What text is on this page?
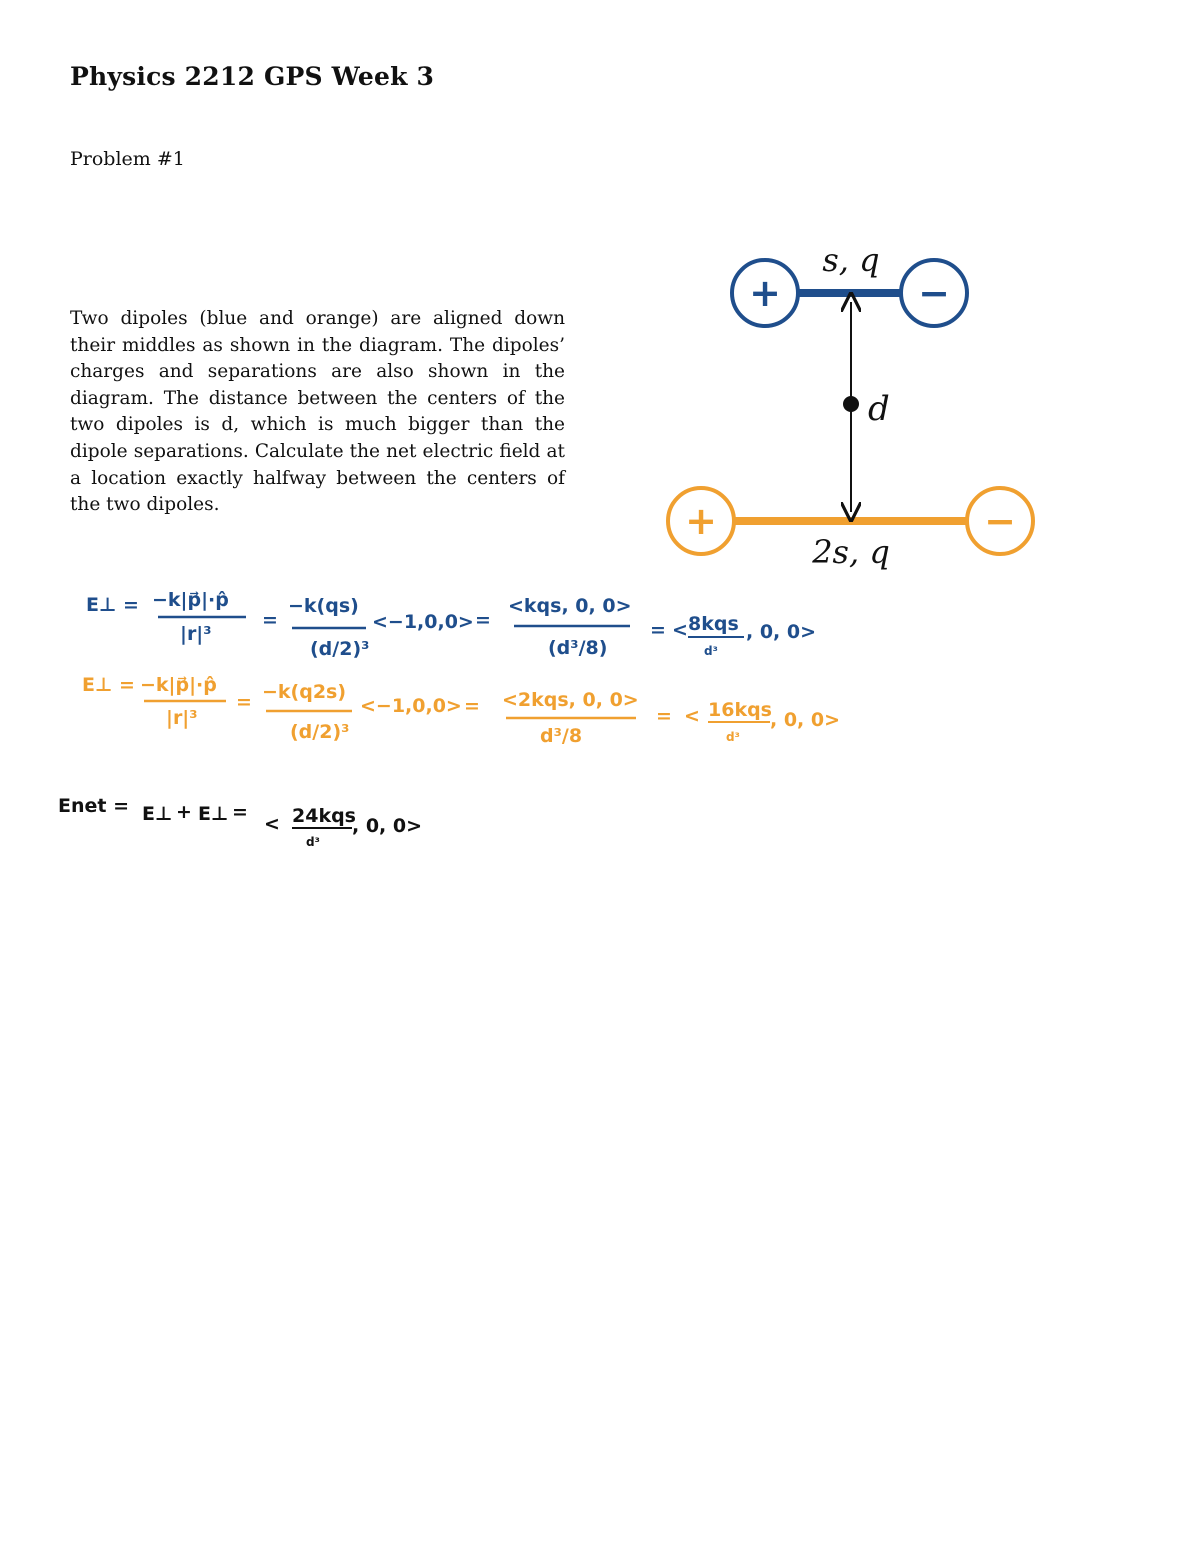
Physics 2212 GPS Week 3
Problem #1
Two dipoles (blue and orange) are aligned down their middles as shown in the diagram. The dipoles’ charges and separations are also shown in the diagram. The distance between the centers of the two dipoles is d, which is much bigger than the dipole separations. Calculate the net electric field at a location exactly halfway between the centers of the two dipoles.
+	−
s, q
+	−
2s, q
d
E⊥ = −k|p⃗|·p̂
|r|³
=
−k(qs)
(d/2)³
<−1,0,0> =
<kqs, 0, 0>
(d³/8)
= < 8kqs
d³
, 0, 0>
E⊥ = −k|p⃗|·p̂
|r|³
= −k(q2s)
(d/2)³
<−1,0,0> = <2kqs, 0, 0>
d³/8
= < 16kqs
d³
, 0, 0>
Enet = E⊥ + E⊥ =
< 24kqs
d³
, 0, 0>
